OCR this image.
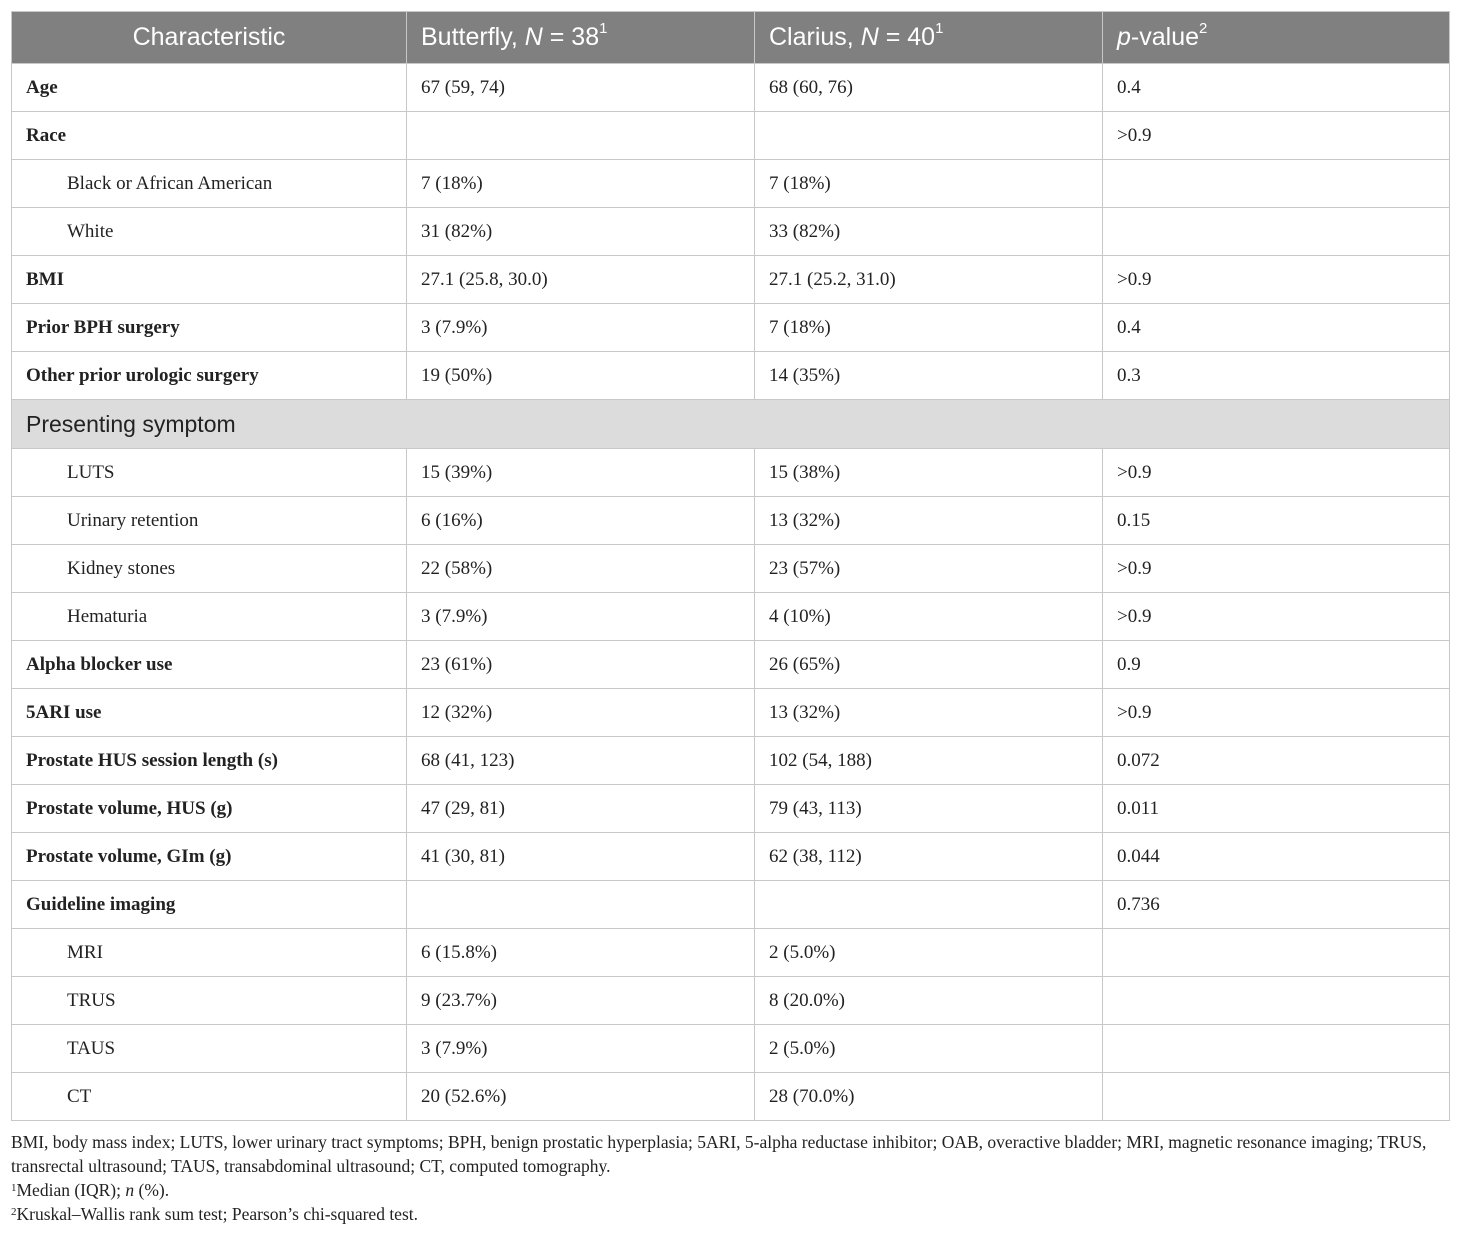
Characteristic	Butterfly, $N = 38^1$	Clarius, $N = 40^1$	p-value$^2$
Age	67 (59, 74)	68 (60, 76)	0.4
Race			>0.9
Black or African American	7 (18%)	7 (18%)	
White	31 (82%)	33 (82%)	
BMI	27.1 (25.8, 30.0)	27.1 (25.2, 31.0)	>0.9
Prior BPH surgery	3 (7.9%)	7 (18%)	0.4
Other prior urologic surgery	19 (50%)	14 (35%)	0.3
Presenting symptom			
LUTS	15 (39%)	15 (38%)	>0.9
Urinary retention	6 (16%)	13 (32%)	0.15
Kidney stones	22 (58%)	23 (57%)	>0.9
Hematuria	3 (7.9%)	4 (10%)	>0.9
Alpha blocker use	23 (61%)	26 (65%)	0.9
5ARI use	12 (32%)	13 (32%)	>0.9
Prostate HUS session length (s)	68 (41, 123)	102 (54, 188)	0.072
Prostate volume, HUS (g)	47 (29, 81)	79 (43, 113)	0.011
Prostate volume, GIm (g)	41 (30, 81)	62 (38, 112)	0.044
Guideline imaging			0.736
MRI	6 (15.8%)	2 (5.0%)	
TRUS	9 (23.7%)	8 (20.0%)	
TAUS	3 (7.9%)	2 (5.0%)	
CT	20 (52.6%)	28 (70.0%)	

BMI, body mass index; LUTS, lower urinary tract symptoms; BPH, benign prostatic hyperplasia; 5ARI, 5-alpha reductase inhibitor; OAB, overactive bladder; MRI, magnetic resonance imaging; TRUS, transrectal ultrasound; TAUS, transabdominal ultrasound; CT, computed tomography.

$^1$Median (IQR); n (%).

$^2$Kruskal–Wallis rank sum test; Pearson’s chi-squared test.
